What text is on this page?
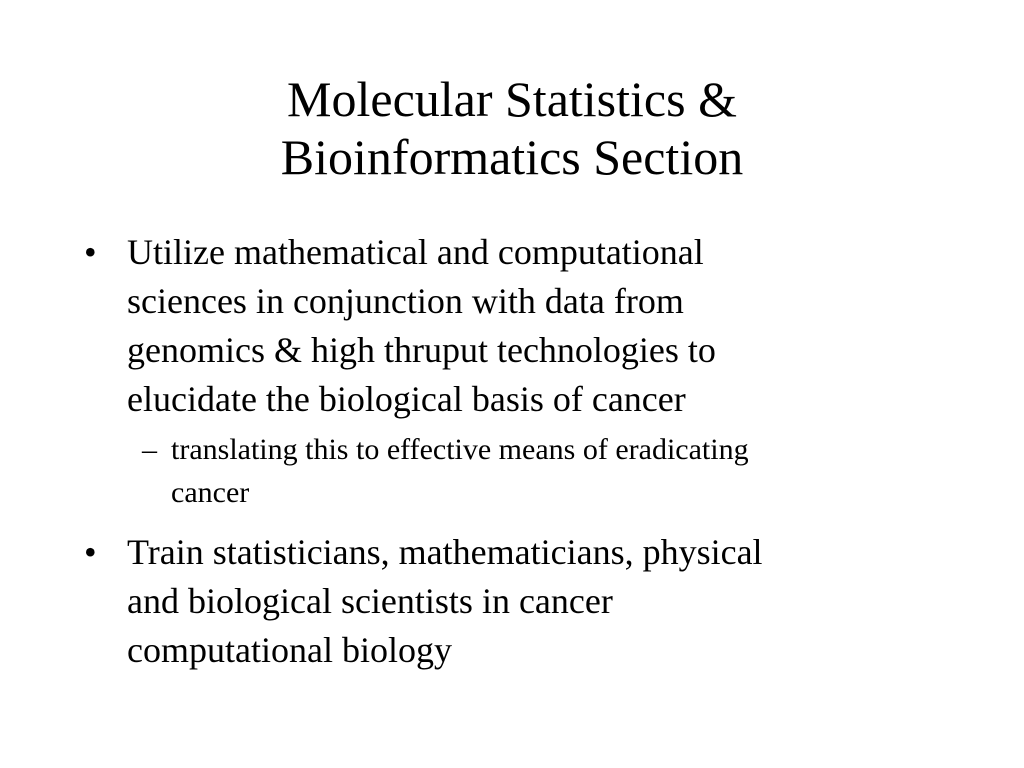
Molecular Statistics &
Bioinformatics Section
• Utilize mathematical and computational
sciences in conjunction with data from
genomics & high thruput technologies to
elucidate the biological basis of cancer
– translating this to effective means of eradicating
cancer
• Train statisticians, mathematicians, physical
and biological scientists in cancer
computational biology
